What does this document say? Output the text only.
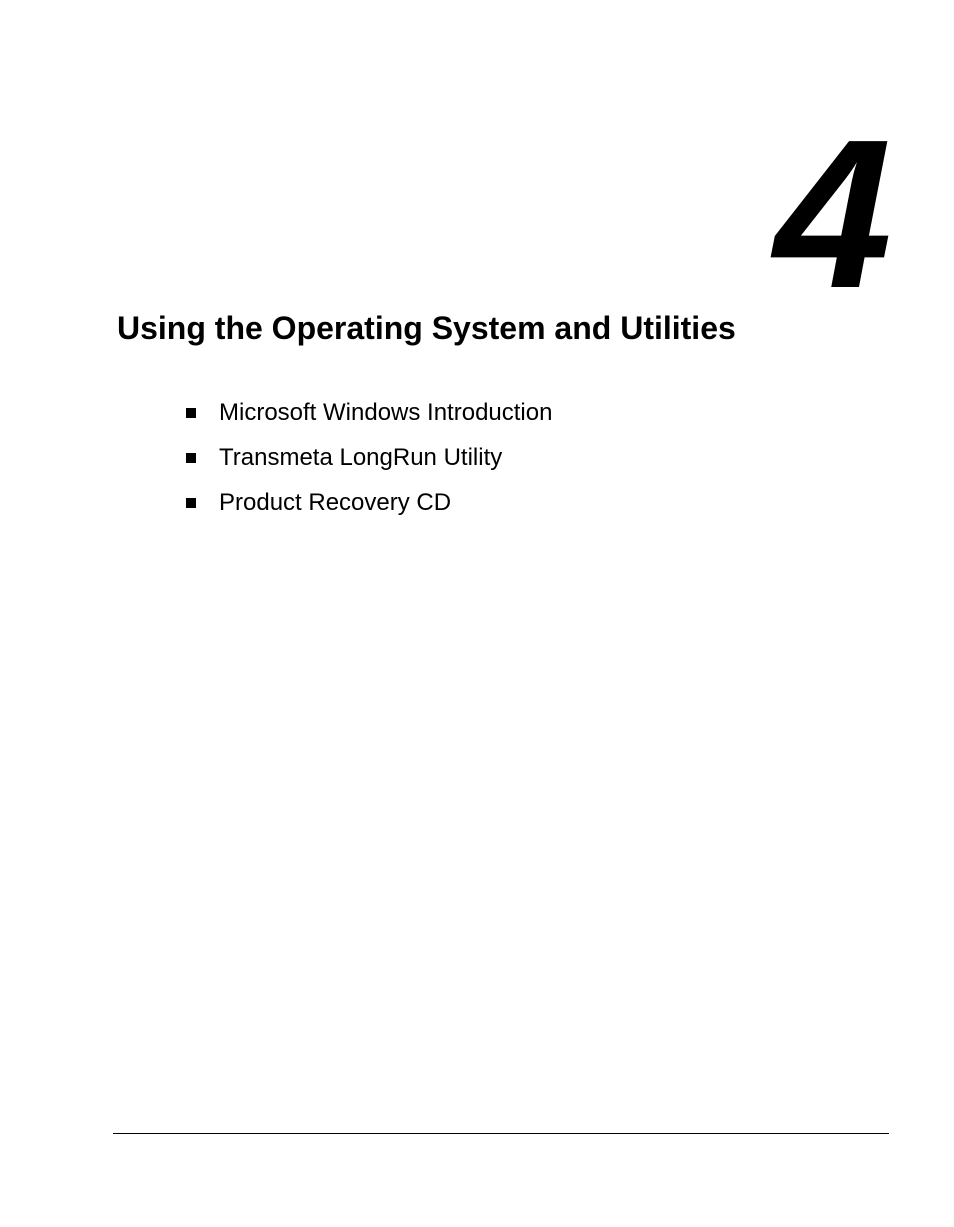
4
Using the Operating System and Utilities
Microsoft Windows Introduction
Transmeta LongRun Utility
Product Recovery CD
